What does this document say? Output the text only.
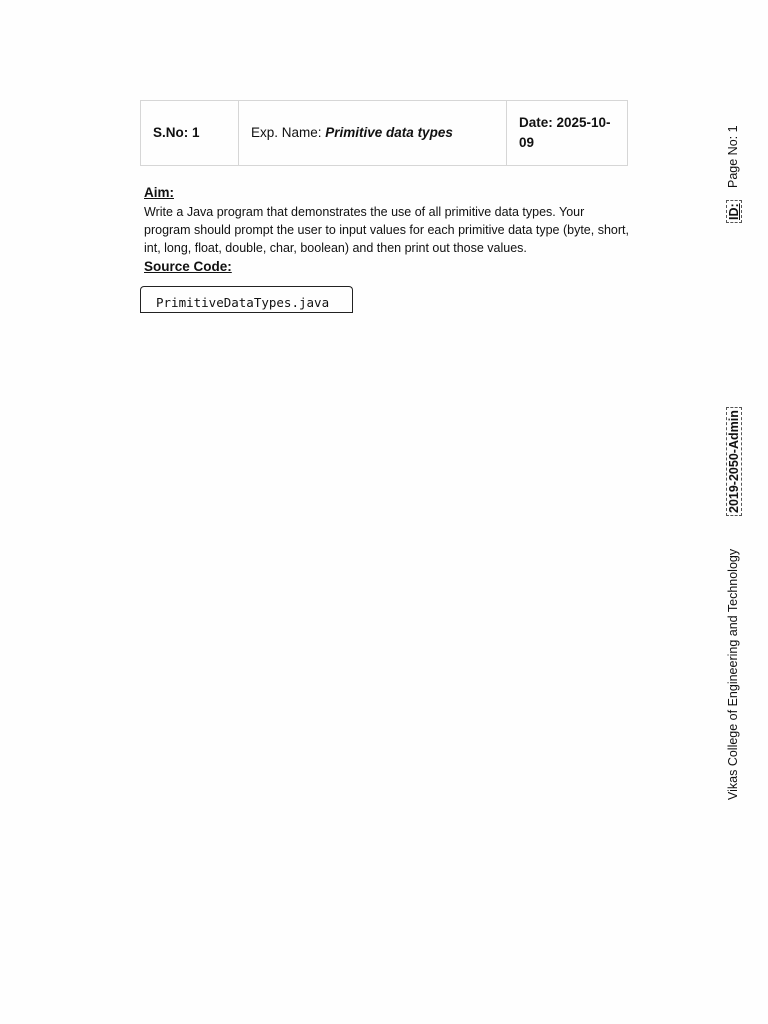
S.No: 1	Exp. Name: Primitive data types	Date: 2025-10-09
Aim:
Write a Java program that demonstrates the use of all primitive data types. Your program should prompt the user to input values for each primitive data type (byte, short, int, long, float, double, char, boolean) and then print out those values.
Source Code:
PrimitiveDataTypes.java
Vikas College of Engineering and Technology
2019-2050-Admin
ID:
Page No: 1
